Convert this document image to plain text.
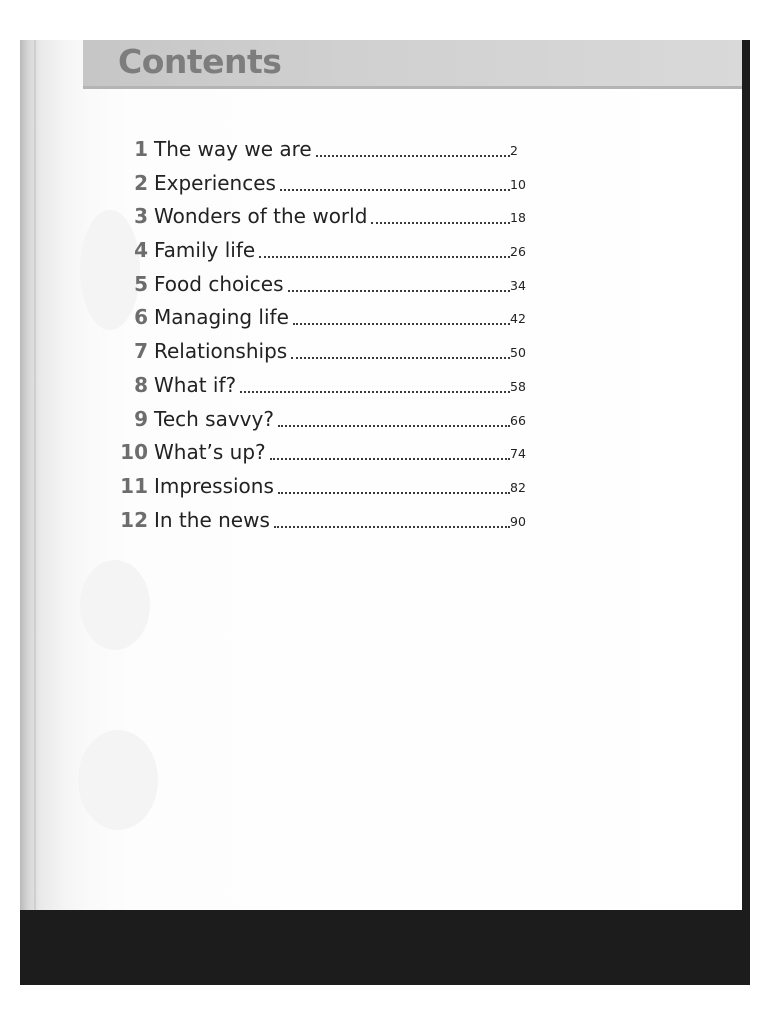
Contents
1 The way we are	2
2 Experiences	10
3 Wonders of the world	18
4 Family life	26
5 Food choices	34
6 Managing life	42
7 Relationships	50
8 What if?	58
9 Tech savvy?	66
10 What’s up?	74
11 Impressions	82
12 In the news	90
